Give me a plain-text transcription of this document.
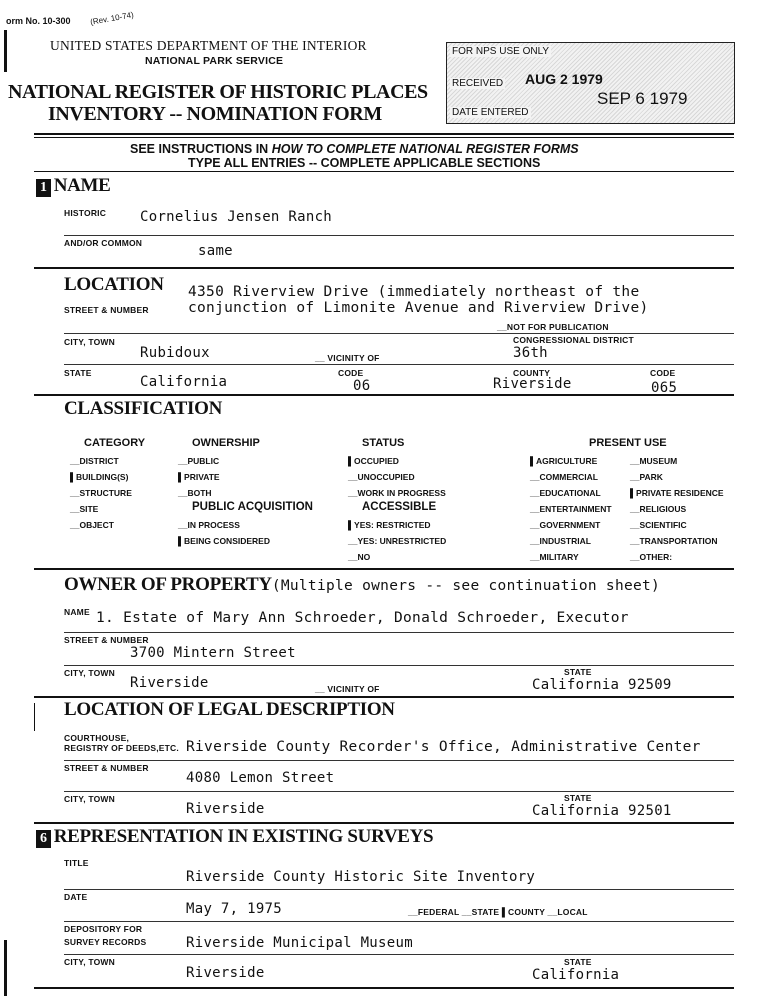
orm No. 10-300 (Rev. 10-74)
UNITED STATES DEPARTMENT OF THE INTERIOR
NATIONAL PARK SERVICE
NATIONAL REGISTER OF HISTORIC PLACES
INVENTORY -- NOMINATION FORM
FOR NPS USE ONLY
RECEIVED AUG 2 1979
DATE ENTERED
SEP 6 1979
SEE INSTRUCTIONS IN HOW TO COMPLETE NATIONAL REGISTER FORMS
TYPE ALL ENTRIES -- COMPLETE APPLICABLE SECTIONS
1 NAME
HISTORIC Cornelius Jensen Ranch
AND/OR COMMON	same
LOCATION
STREET & NUMBER
4350 Riverview Drive (immediately northeast of the
conjunction of Limonite Avenue and Riverview Drive)
__NOT FOR PUBLICATION
CITY, TOWN
Rubidoux	__ VICINITY OF
CONGRESSIONAL DISTRICT
36th
STATE
California
CODE
06
COUNTY
Riverside
CODE
065
CLASSIFICATION
CATEGORY
__DISTRICT
▌BUILDING(S)
__STRUCTURE
__SITE
__OBJECT
OWNERSHIP
__PUBLIC
▌PRIVATE
__BOTH
PUBLIC ACQUISITION
__IN PROCESS
▌BEING CONSIDERED
STATUS
▌OCCUPIED
__UNOCCUPIED
__WORK IN PROGRESS
ACCESSIBLE
▌YES: RESTRICTED
__YES: UNRESTRICTED
__NO
PRESENT USE
▌AGRICULTURE
__COMMERCIAL
__EDUCATIONAL
__ENTERTAINMENT
__GOVERNMENT
__INDUSTRIAL
__MILITARY
__MUSEUM
__PARK
▌PRIVATE RESIDENCE
__RELIGIOUS
__SCIENTIFIC
__TRANSPORTATION
__OTHER:
OWNER OF PROPERTY(Multiple owners -- see continuation sheet)
NAME 1. Estate of Mary Ann Schroeder, Donald Schroeder, Executor
STREET & NUMBER
3700 Mintern Street
CITY, TOWN
Riverside	__ VICINITY OF
STATE
California 92509
LOCATION OF LEGAL DESCRIPTION
COURTHOUSE,
REGISTRY OF DEEDS,ETC. Riverside County Recorder's Office, Administrative Center
STREET & NUMBER
4080 Lemon Street
CITY, TOWN
Riverside
STATE
California 92501
6 REPRESENTATION IN EXISTING SURVEYS
TITLE
Riverside County Historic Site Inventory
DATE
May 7, 1975	__FEDERAL __STATE ▌COUNTY __LOCAL
DEPOSITORY FOR
SURVEY RECORDS	Riverside Municipal Museum
CITY, TOWN
Riverside
STATE
California
